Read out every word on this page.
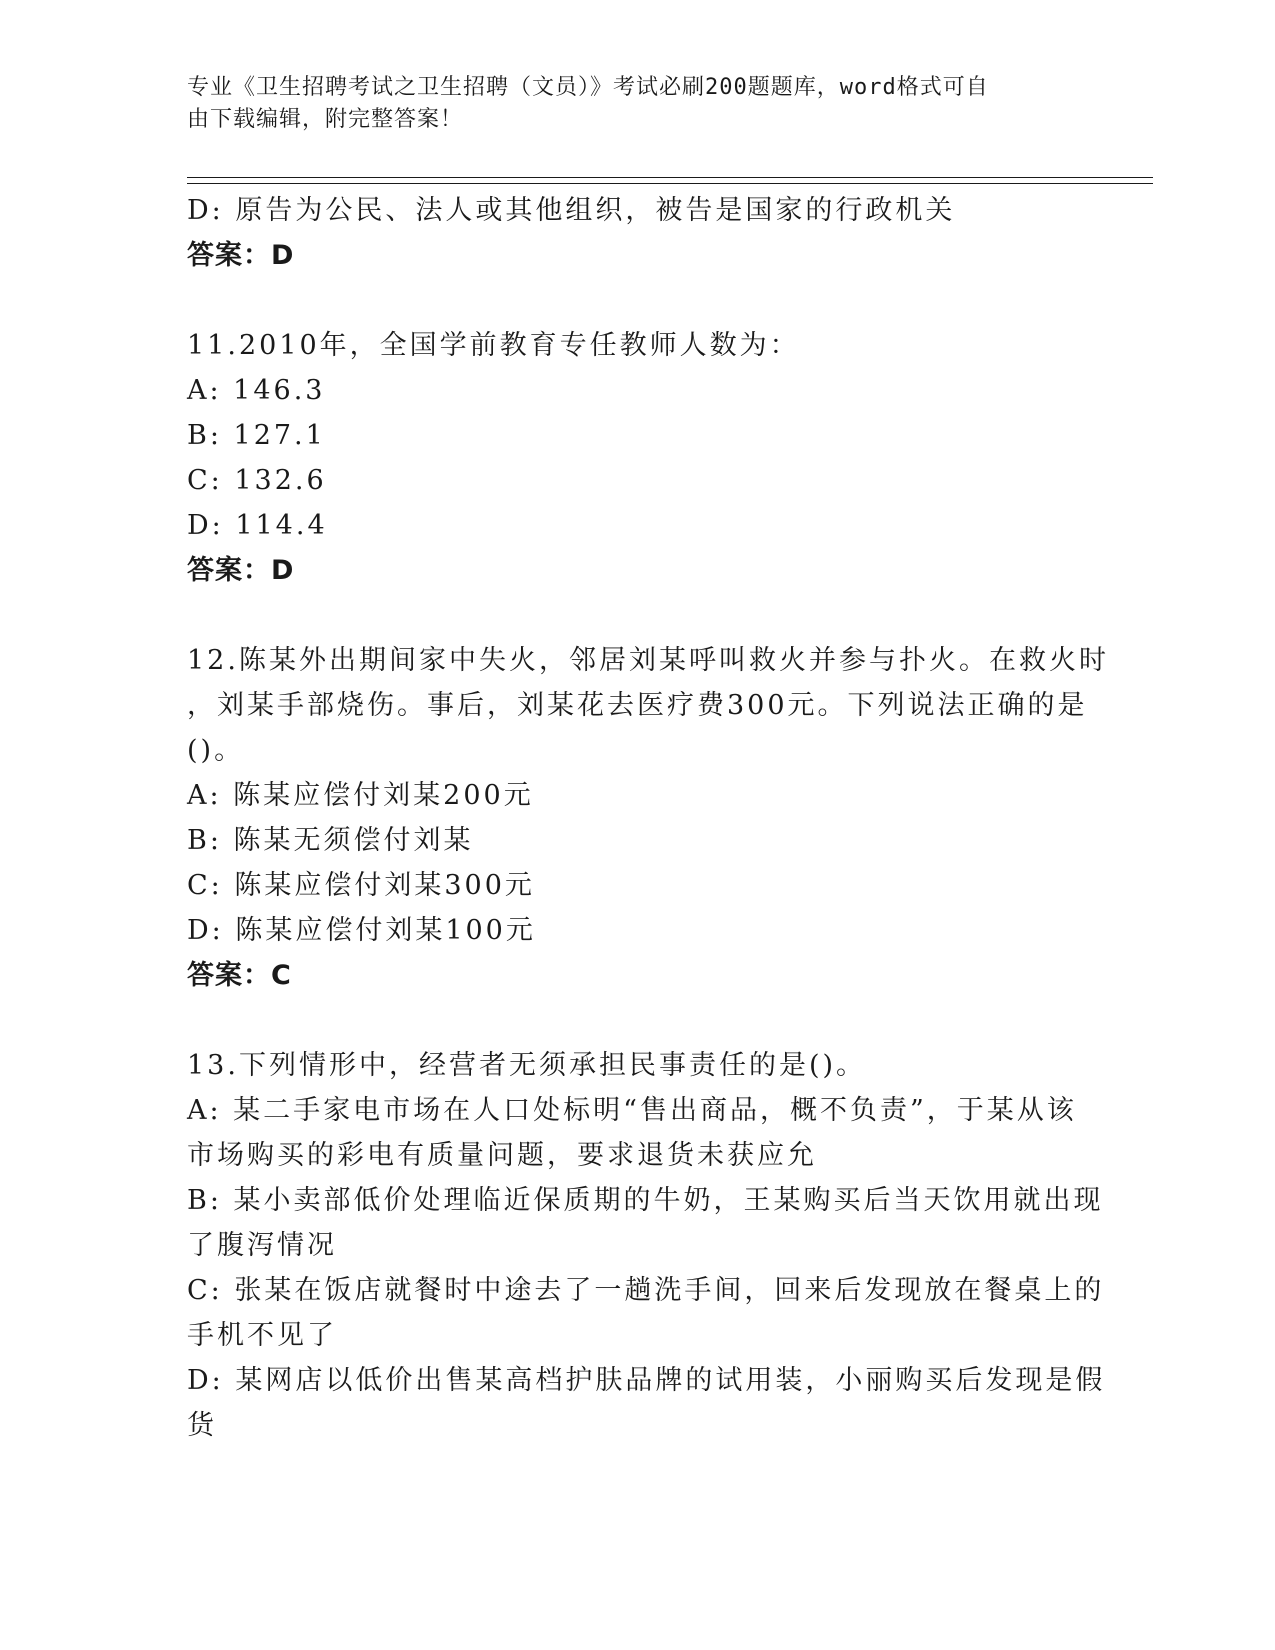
专业《卫生招聘考试之卫生招聘（文员）》考试必刷200题题库，word格式可自
由下载编辑，附完整答案！
D: 原告为公民、法人或其他组织，被告是国家的行政机关
答案：D
11.2010年，全国学前教育专任教师人数为：
A: 146.3
B: 127.1
C: 132.6
D: 114.4
答案：D
12.陈某外出期间家中失火，邻居刘某呼叫救火并参与扑火。在救火时
，刘某手部烧伤。事后，刘某花去医疗费300元。下列说法正确的是
()。
A: 陈某应偿付刘某200元
B: 陈某无须偿付刘某
C: 陈某应偿付刘某300元
D: 陈某应偿付刘某100元
答案：C
13.下列情形中，经营者无须承担民事责任的是()。
A: 某二手家电市场在人口处标明“售出商品，概不负责”，于某从该
市场购买的彩电有质量问题，要求退货未获应允
B: 某小卖部低价处理临近保质期的牛奶，王某购买后当天饮用就出现
了腹泻情况
C: 张某在饭店就餐时中途去了一趟洗手间，回来后发现放在餐桌上的
手机不见了
D: 某网店以低价出售某高档护肤品牌的试用装，小丽购买后发现是假
货
